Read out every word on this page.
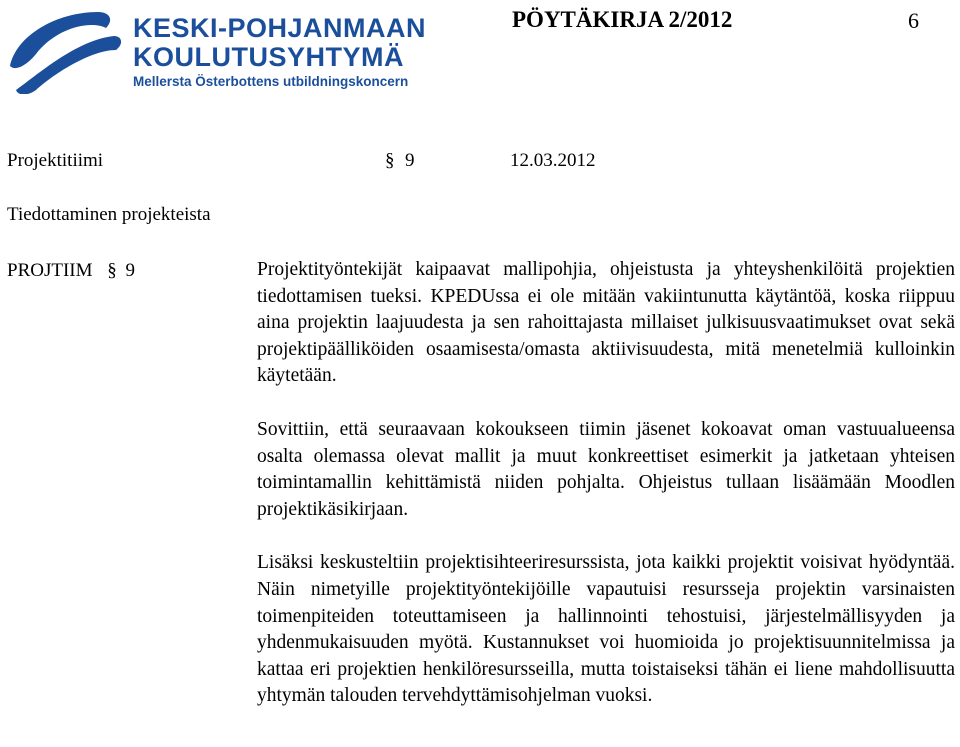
KESKI-POHJANMAAN
KOULUTUSYHTYMÄ
Mellersta Österbottens utbildningskoncern
PÖYTÄKIRJA 2/2012	6
Projektitiimi	§ 9	12.03.2012
Tiedottaminen projekteista
PROJTIIM § 9	Projektityöntekijät kaipaavat mallipohjia, ohjeistusta ja yhteyshenkilöitä projektien tiedottamisen tueksi. KPEDUssa ei ole mitään vakiintunutta käytäntöä, koska riippuu aina projektin laajuudesta ja sen rahoittajasta millaiset julkisuusvaatimukset ovat sekä projektipäälliköiden osaamisesta/omasta aktiivisuudesta, mitä menetelmiä kulloinkin käytetään.

Sovittiin, että seuraavaan kokoukseen tiimin jäsenet kokoavat oman vastuualueensa osalta olemassa olevat mallit ja muut konkreettiset esimerkit ja jatketaan yhteisen toimintamallin kehittämistä niiden pohjalta. Ohjeistus tullaan lisäämään Moodlen projektikäsikirjaan.

Lisäksi keskusteltiin projektisihteeriresurssista, jota kaikki projektit voisivat hyödyntää. Näin nimetyille projektityöntekijöille vapautuisi resursseja projektin varsinaisten toimenpiteiden toteuttamiseen ja hallinnointi tehostuisi, järjestelmällisyyden ja yhdenmukaisuuden myötä. Kustannukset voi huomioida jo projektisuunnitelmissa ja kattaa eri projektien henkilöresursseilla, mutta toistaiseksi tähän ei liene mahdollisuutta yhtymän talouden tervehdyttämisohjelman vuoksi.
